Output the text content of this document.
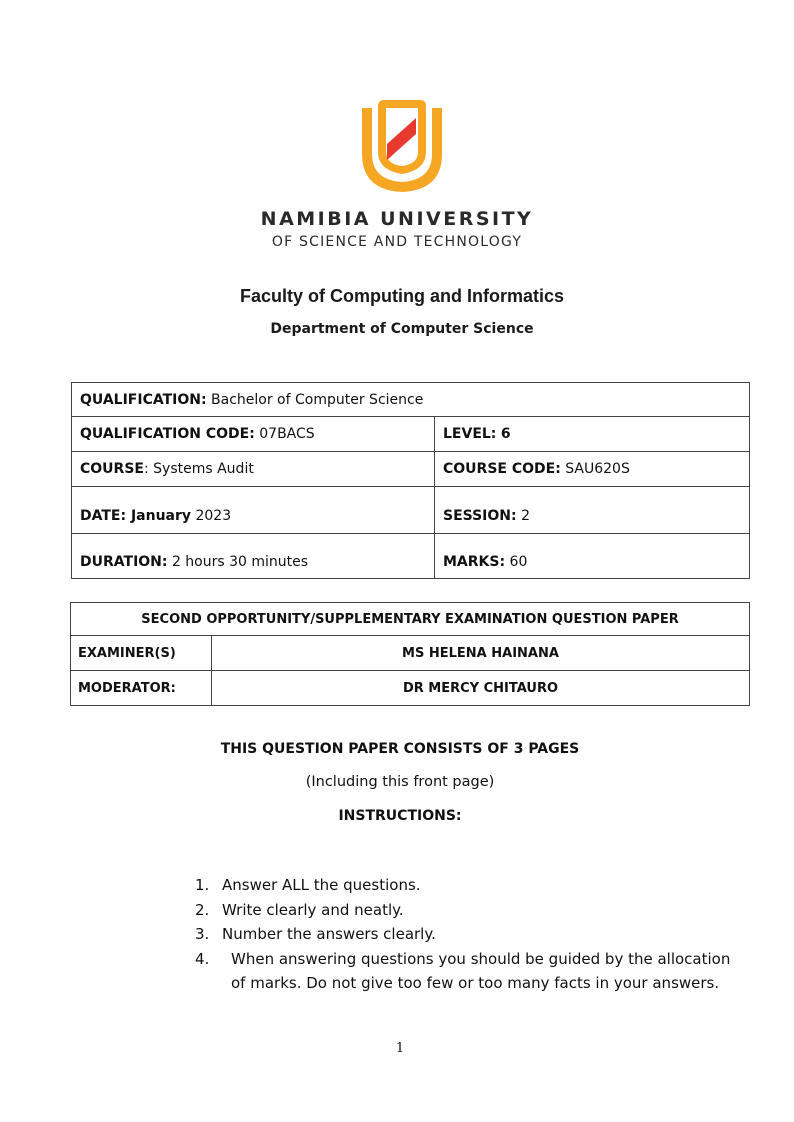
NAMIBIA UNIVERSITY
OF SCIENCE AND TECHNOLOGY
Faculty of Computing and Informatics
Department of Computer Science
QUALIFICATION: Bachelor of Computer Science	
QUALIFICATION CODE: 07BACS	LEVEL: 6
COURSE: Systems Audit	COURSE CODE: SAU620S
DATE: January 2023	SESSION: 2
DURATION: 2 hours 30 minutes	MARKS: 60
SECOND OPPORTUNITY/SUPPLEMENTARY EXAMINATION QUESTION PAPER	
EXAMINER(S)	MS HELENA HAINANA
MODERATOR:	DR MERCY CHITAURO
THIS QUESTION PAPER CONSISTS OF 3 PAGES
(Including this front page)
INSTRUCTIONS:
1. Answer ALL the questions.
2. Write clearly and neatly.
3. Number the answers clearly.
4. When answering questions you should be guided by the allocation of marks. Do not give too few or too many facts in your answers.
1
